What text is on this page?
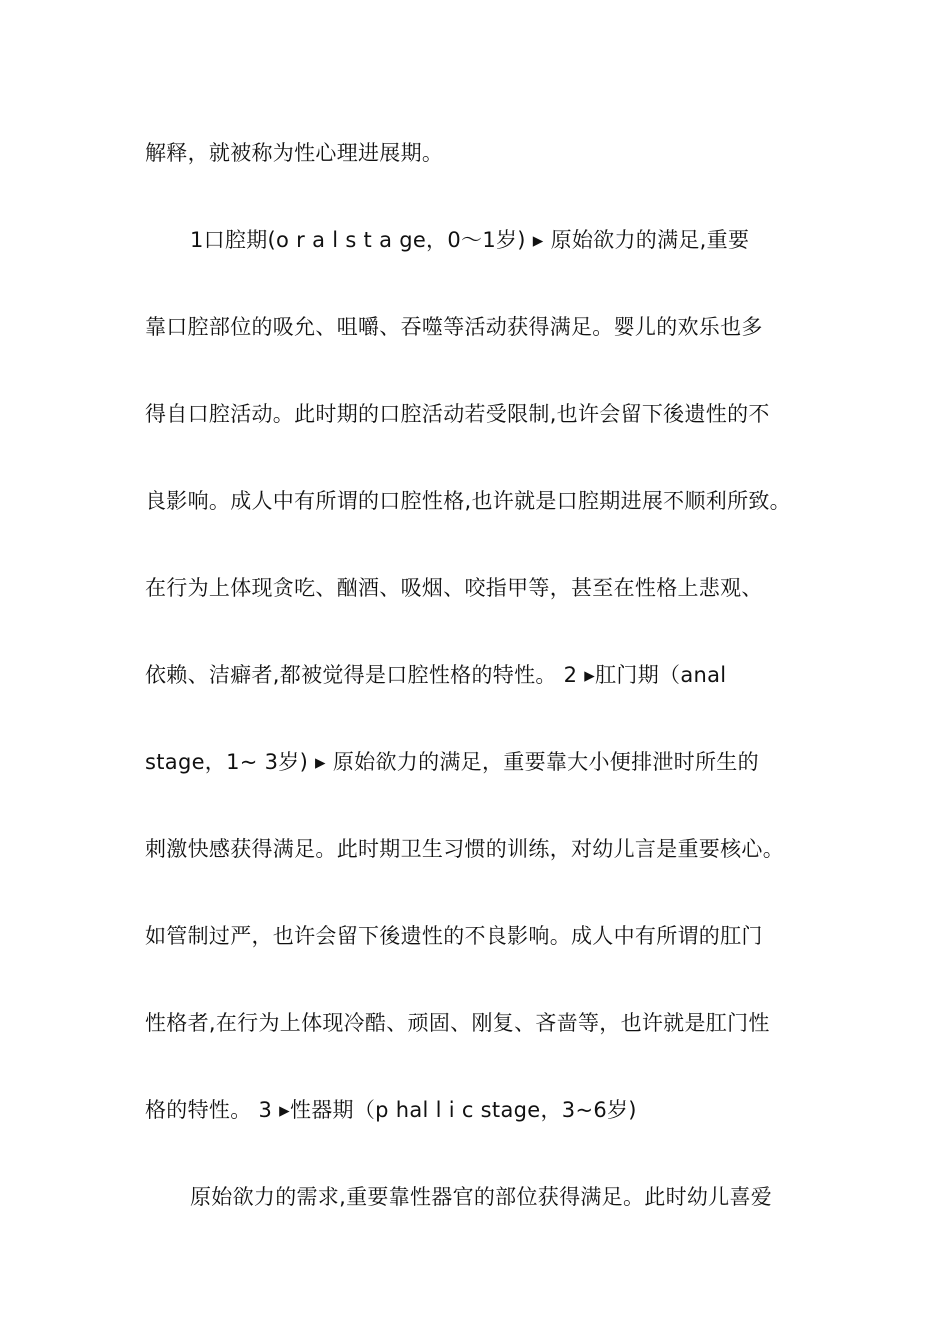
解释，就被称为性心理进展期。
1口腔期(o r a l s t a ge，0～1岁) ▸ 原始欲力的满足,重要
靠口腔部位的吸允、咀嚼、吞噬等活动获得满足。婴儿的欢乐也多
得自口腔活动。此时期的口腔活动若受限制,也许会留下後遗性的不
良影响。成人中有所谓的口腔性格,也许就是口腔期进展不顺利所致。
在行为上体现贪吃、酗酒、吸烟、咬指甲等，甚至在性格上悲观、
依赖、洁癖者,都被觉得是口腔性格的特性。 2 ▸肛门期（anal
stage，1~ 3岁) ▸ 原始欲力的满足，重要靠大小便排泄时所生的
刺激快感获得满足。此时期卫生习惯的训练，对幼儿言是重要核心。
如管制过严，也许会留下後遗性的不良影响。成人中有所谓的肛门
性格者,在行为上体现冷酷、顽固、刚复、吝啬等，也许就是肛门性
格的特性。 3 ▸性器期（p hal l i c stage，3~6岁)
原始欲力的需求,重要靠性器官的部位获得满足。此时幼儿喜爱
